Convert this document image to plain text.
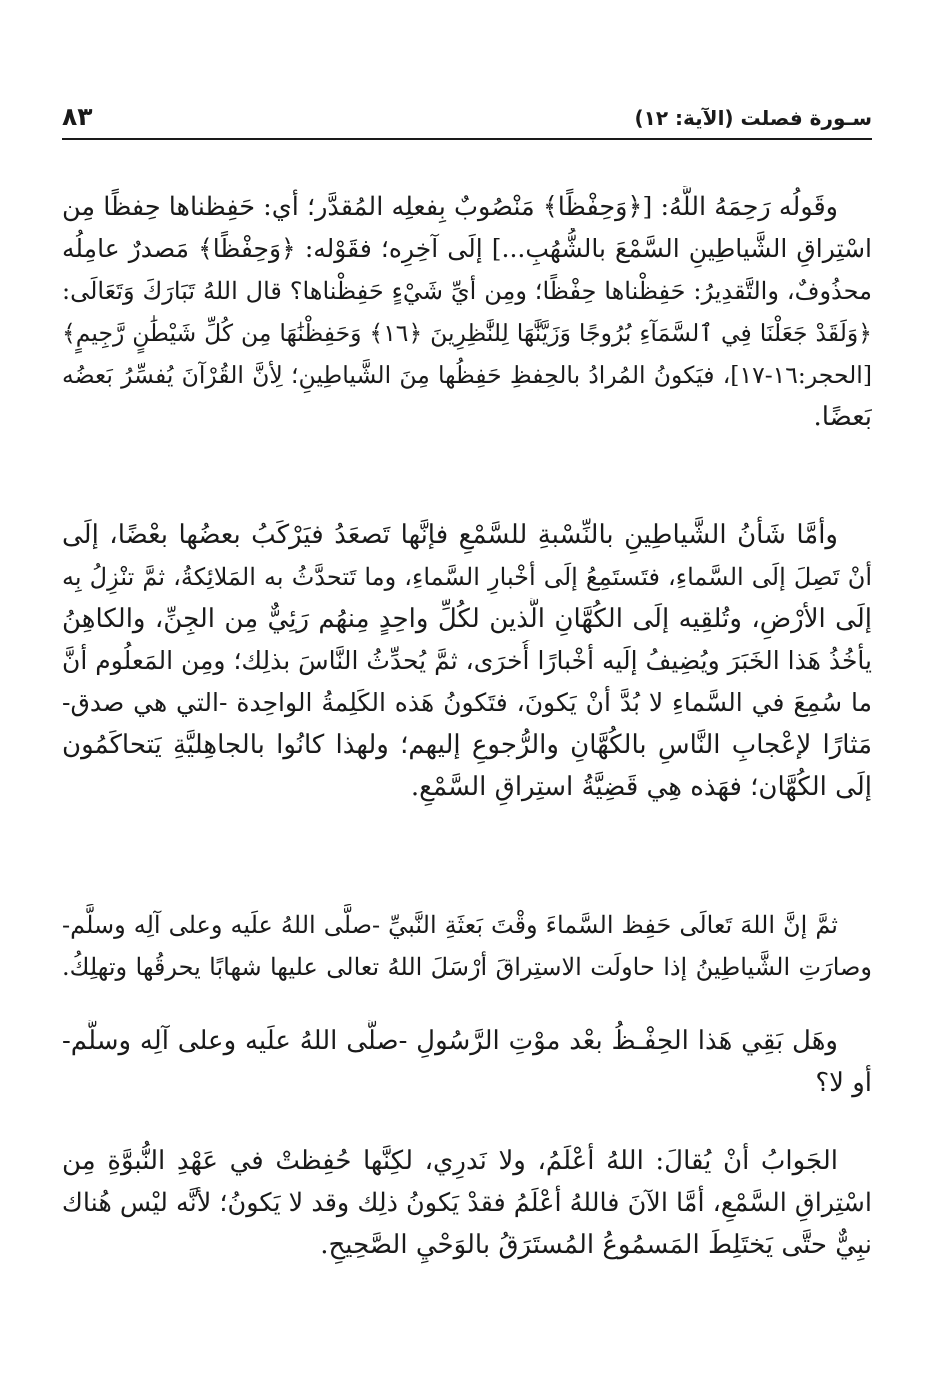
سـورة فصلت (الآية: ١٢)
٨٣
وقَولُه رَحِمَهُ اللَّهُ: [﴿وَحِفْظًا﴾ مَنْصُوبٌ بِفعلِه المُقدَّر؛ أي: حَفِظناها حِفظًا مِن
اسْتِراقِ الشَّياطِينِ السَّمْعَ بالشُّهُبِ...] إلَى آخِرِه؛ فقَوْله: ﴿وَحِفْظًا﴾ مَصدرٌ عامِلُه
محذُوفٌ، والتَّقدِيرُ: حَفِظْناها حِفْظًا؛ ومِن أيِّ شَيْءٍ حَفِظْناها؟ قال اللهُ تَبَارَكَ وَتَعَالَى:
﴿وَلَقَدْ جَعَلْنَا فِي ٱلسَّمَآءِ بُرُوجًا وَزَيَّنَّٰهَا لِلنَّٰظِرِينَ ﴿١٦﴾ وَحَفِظْنَٰهَا مِن كُلِّ شَيْطَٰنٍ رَّجِيمٍ﴾
[الحجر:١٦-١٧]، فيَكونُ المُرادُ بالحِفظِ حَفِظُها مِنَ الشَّياطِينِ؛ لِأنَّ القُرْآنَ يُفسِّرُ بَعضُه
بَعضًا.
وأمَّا شَأنُ الشَّياطِينِ بالنِّسْبةِ للسَّمْعِ فإنَّها تَصعَدُ فيَرْكَبُ بعضُها بعْضًا، إلَى
أنْ تَصِلَ إلَى السَّماءِ، فتَستَمِعُ إلَى أخْبارِ السَّماءِ، وما تَتحدَّثُ به المَلائِكةُ، ثمَّ تنْزِلُ بِه
إلَى الأرْضِ، وتُلقِيه إلَى الكُهَّانِ الَّذين لكُلِّ واحِدٍ مِنهُم رَئِيٌّ مِن الجِنِّ، والكاهِنُ
يأخُذُ هَذا الخَبَرَ ويُضِيفُ إلَيه أخْبارًا أُخرَى، ثمَّ يُحدِّثُ النَّاسَ بذلِك؛ ومِن المَعلُوم أنَّ
ما سُمِعَ في السَّماءِ لا بُدَّ أنْ يَكونَ، فتَكونُ هَذه الكَلِمةُ الواحِدة -التي هي صدق-
مَثارًا لإعْجابِ النَّاسِ بالكُهَّانِ والرُّجوعِ إليهم؛ ولهذا كانُوا بالجاهِليَّةِ يَتحاكَمُون
إلَى الكُهَّان؛ فهَذه هِي قَضِيَّةُ استِراقِ السَّمْعِ.
ثمَّ إنَّ اللهَ تَعالَى حَفِظ السَّماءَ وقْتَ بَعثَةِ النَّبيِّ -صلَّى اللهُ علَيه وعلى آلِه وسلَّم-
وصارَتِ الشَّياطِينُ إذا حاولَت الاستِراقَ أرْسَلَ اللهُ تعالى عليها شهابًا يحرقُها وتهلِكُ.
وهَل بَقِي هَذا الحِفْـظُ بعْد موْتِ الرَّسُولِ -صلَّى اللهُ علَيه وعلى آلِه وسلَّم-
أو لا؟
الجَوابُ أنْ يُقالَ: اللهُ أعْلَمُ، ولا نَدرِي، لكِنَّها حُفِظتْ في عَهْدِ النُّبوَّةِ مِن
اسْتِراقِ السَّمْعِ، أمَّا الآنَ فاللهُ أعْلَمُ فقدْ يَكونُ ذلِك وقد لا يَكونُ؛ لأنَّه ليْس هُناك
نبِيٌّ حتَّى يَختَلِطَ المَسمُوعُ المُستَرَقُ بالوَحْيِ الصَّحِيحِ.
